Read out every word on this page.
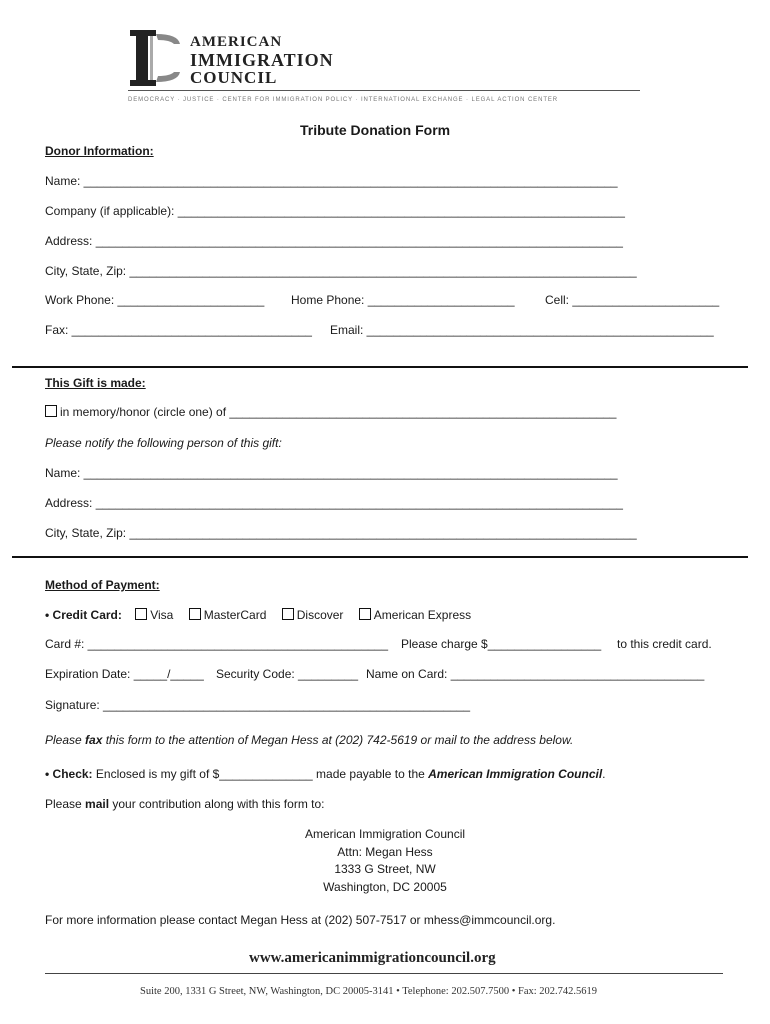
AMERICAN
IMMIGRATION
COUNCIL
DEMOCRACY · JUSTICE · CENTER FOR IMMIGRATION POLICY · INTERNATIONAL EXCHANGE · LEGAL ACTION CENTER
Tribute Donation Form
Donor Information:
Name: ________________________________________________________________________________
Company (if applicable): ___________________________________________________________________
Address: _______________________________________________________________________________
City, State, Zip: ____________________________________________________________________________
Work Phone: ______________________ Home Phone: ______________________	Cell: ______________________
Fax: ____________________________________ Email: ____________________________________________________
This Gift is made:
in memory/honor (circle one) of __________________________________________________________
Please notify the following person of this gift:
Name: ________________________________________________________________________________
Address: _______________________________________________________________________________
City, State, Zip: ____________________________________________________________________________
Method of Payment:
• Credit Card: Visa	MasterCard	Discover	American Express
Card #: _____________________________________________ Please charge $_________________ to this credit card.
Expiration Date: _____/_____ Security Code: _________ Name on Card: ______________________________________
Signature: _______________________________________________________
Please fax this form to the attention of Megan Hess at (202) 742-5619 or mail to the address below.
• Check: Enclosed is my gift of $______________ made payable to the American Immigration Council.
Please mail your contribution along with this form to:
American Immigration Council
Attn: Megan Hess
1333 G Street, NW
Washington, DC 20005
For more information please contact Megan Hess at (202) 507-7517 or mhess@immcouncil.org.
www.americanimmigrationcouncil.org
Suite 200, 1331 G Street, NW, Washington, DC 20005-3141 • Telephone: 202.507.7500 • Fax: 202.742.5619
